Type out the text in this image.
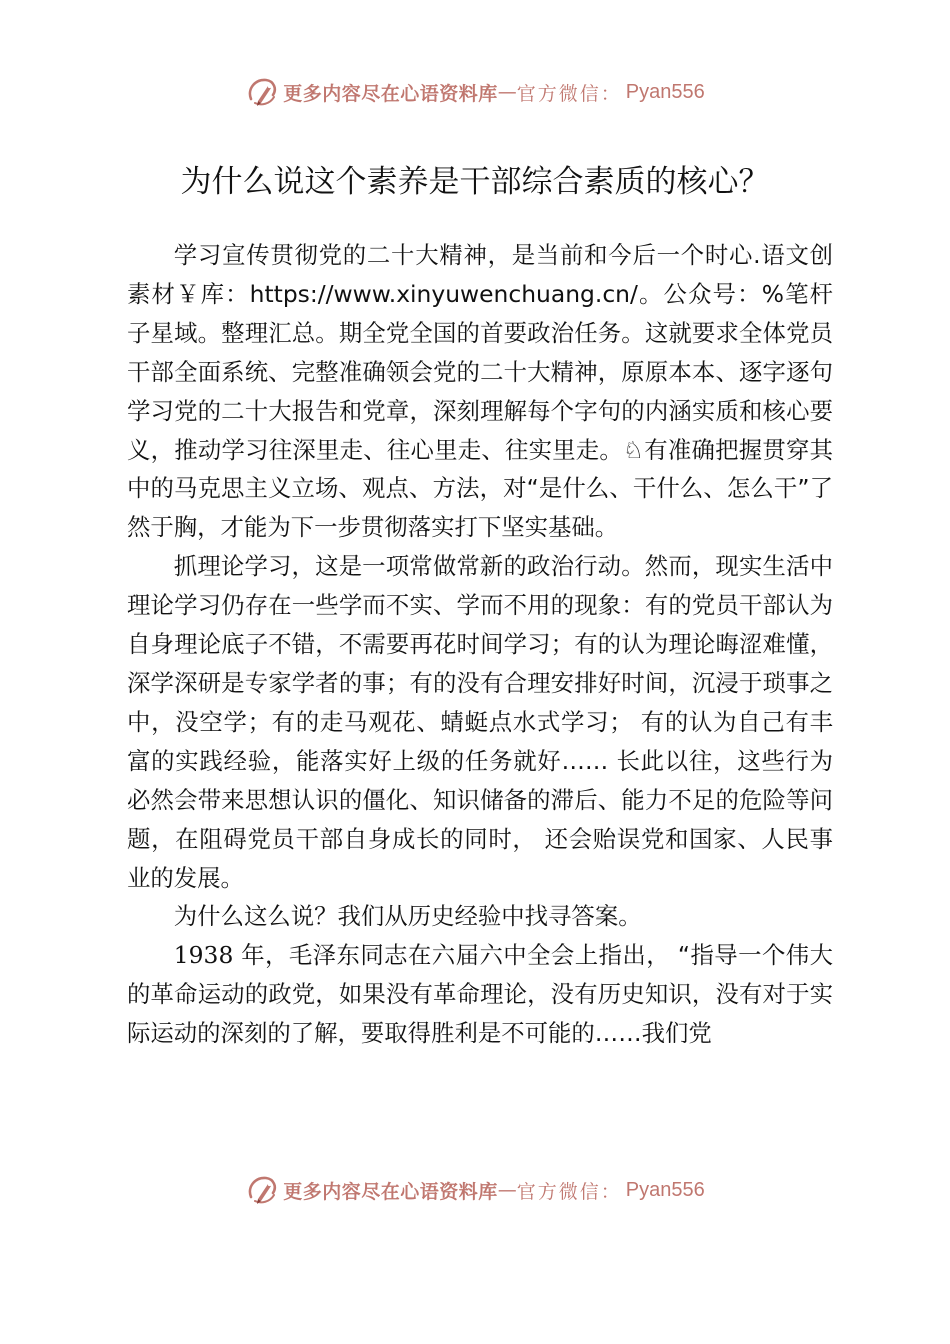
更多内容尽在心语资料库 — 官方微信： Pyan556
为什么说这个素养是干部综合素质的核心？

学习宣传贯彻党的二十大精神，是当前和今后一个时心.语文创素材￥库：https://www.xinyuwenchuang.cn/。公众号：%笔杆子星域。整理汇总。期全党全国的首要政治任务。这就要求全体党员干部全面系统、完整准确领会党的二十大精神，原原本本、逐字逐句学习党的二十大报告和党章，深刻理解每个字句的内涵实质和核心要义，推动学习往深里走、往心里走、往实里走。♘有准确把握贯穿其中的马克思主义立场、观点、方法，对“是什么、干什么、怎么干”了然于胸，才能为下一步贯彻落实打下坚实基础。

抓理论学习，这是一项常做常新的政治行动。然而，现实生活中理论学习仍存在一些学而不实、学而不用的现象：有的党员干部认为自身理论底子不错，不需要再花时间学习；有的认为理论晦涩难懂，深学深研是专家学者的事；有的没有合理安排好时间，沉浸于琐事之中，没空学；有的走马观花、蜻蜓点水式学习； 有的认为自己有丰富的实践经验，能落实好上级的任务就好…… 长此以往，这些行为必然会带来思想认识的僵化、知识储备的滞后、能力不足的危险等问题，在阻碍党员干部自身成长的同时， 还会贻误党和国家、人民事业的发展。

为什么这么说？我们从历史经验中找寻答案。

1938 年，毛泽东同志在六届六中全会上指出， “指导一个伟大的革命运动的政党，如果没有革命理论，没有历史知识，没有对于实际运动的深刻的了解，要取得胜利是不可能的……我们党

更多内容尽在心语资料库 — 官方微信： Pyan556
